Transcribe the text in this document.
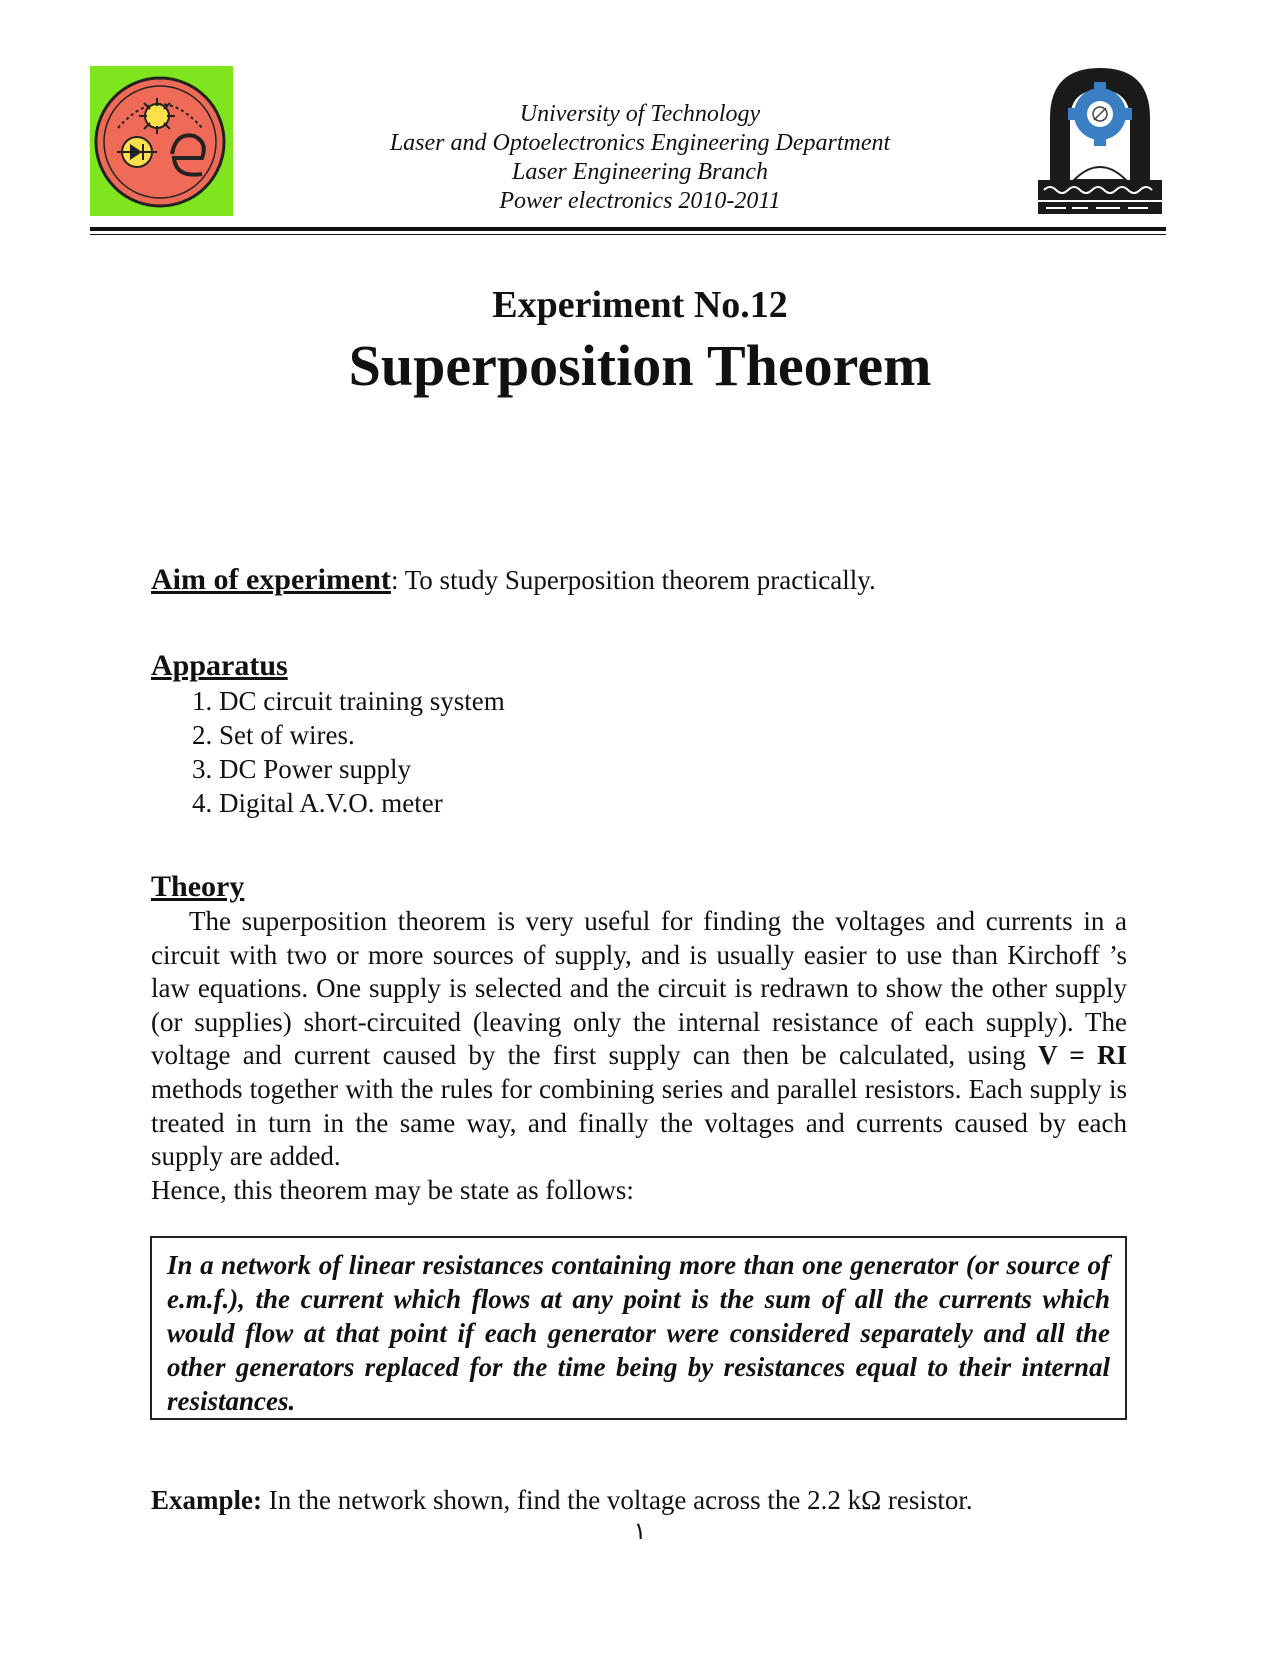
University of Technology
Laser and Optoelectronics Engineering Department
Laser Engineering Branch
Power electronics 2010-2011
Experiment No.12
Superposition Theorem
Aim of experiment: To study Superposition theorem practically.
Apparatus
1. DC circuit training system
2. Set of wires.
3. DC Power supply
4. Digital A.V.O. meter
Theory

The superposition theorem is very useful for finding the voltages and currents in a circuit with two or more sources of supply, and is usually easier to use than Kirchoff ’s law equations. One supply is selected and the circuit is redrawn to show the other supply (or supplies) short-circuited (leaving only the internal resistance of each supply). The voltage and current caused by the first supply can then be calculated, using V = RI methods together with the rules for combining series and parallel resistors. Each supply is treated in turn in the same way, and finally the voltages and currents caused by each supply are added.

Hence, this theorem may be state as follows:

In a network of linear resistances containing more than one generator (or source of e.m.f.), the current which flows at any point is the sum of all the currents which would flow at that point if each generator were considered separately and all the other generators replaced for the time being by resistances equal to their internal resistances.

Example: In the network shown, find the voltage across the 2.2 kΩ resistor.
١
